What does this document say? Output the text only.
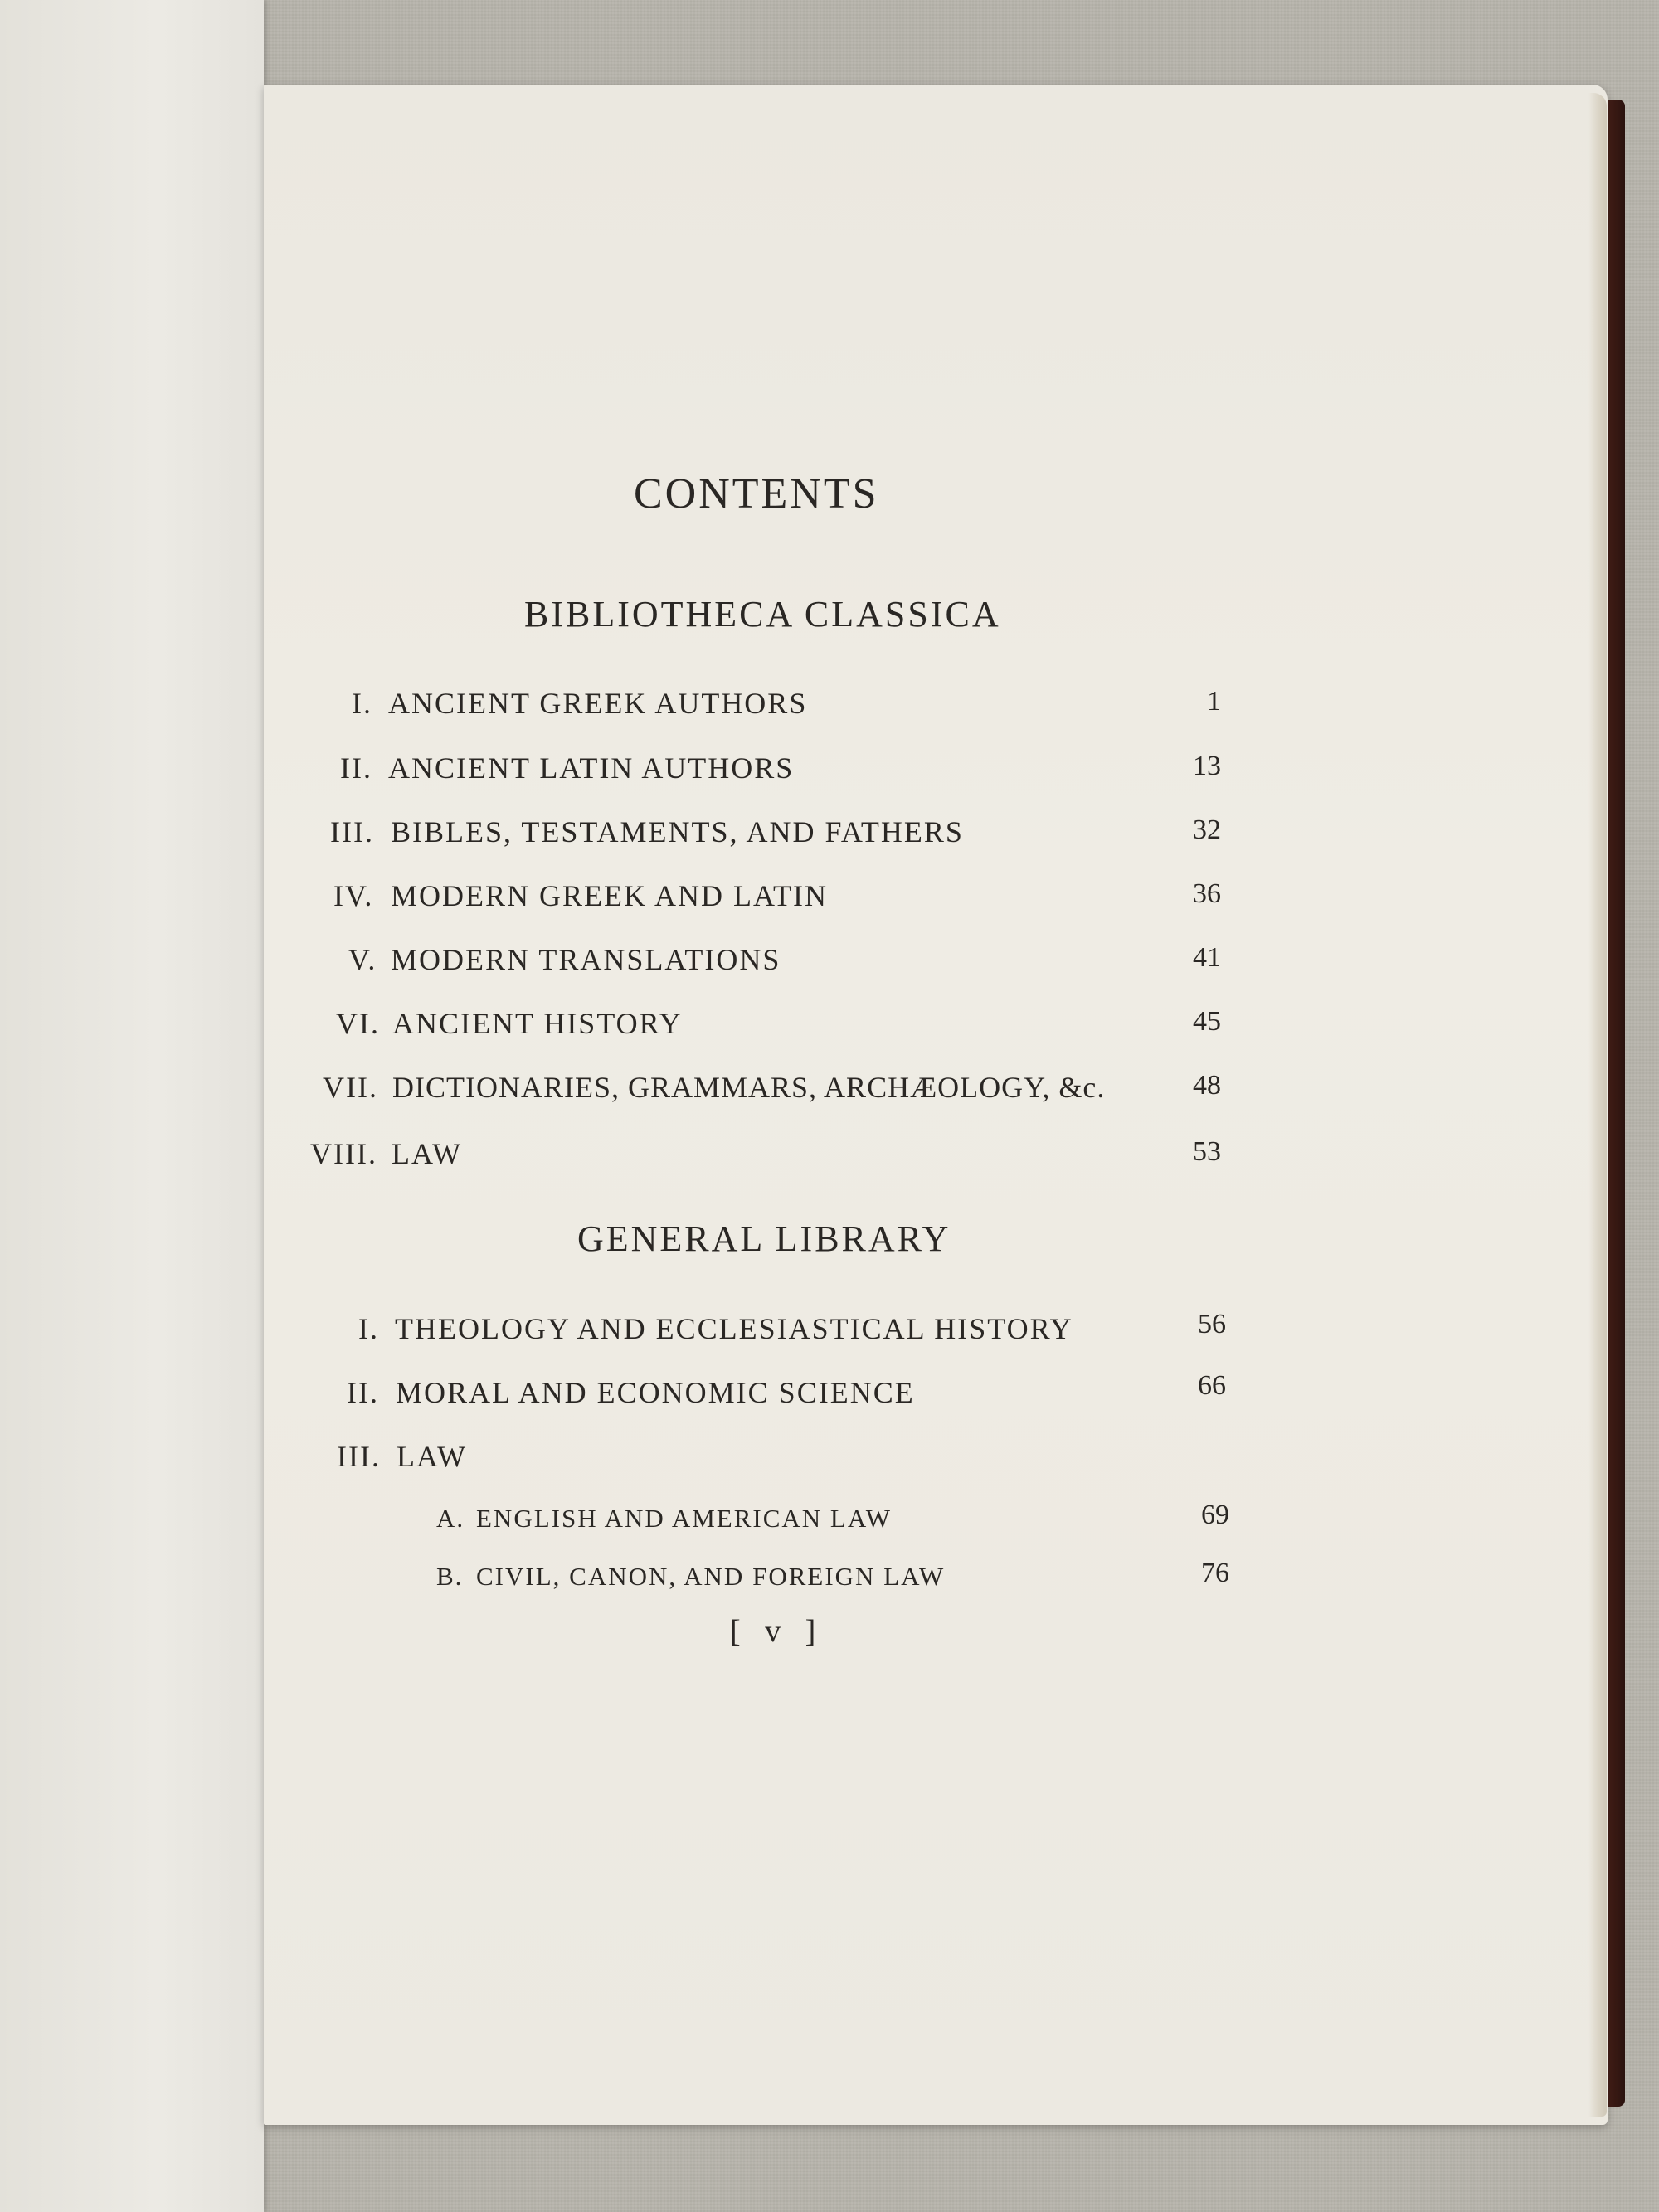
CONTENTS
BIBLIOTHECA CLASSICA
I. ANCIENT GREEK AUTHORS	1
II. ANCIENT LATIN AUTHORS	13
III. BIBLES, TESTAMENTS, AND FATHERS	32
IV. MODERN GREEK AND LATIN	36
V. MODERN TRANSLATIONS	41
VI. ANCIENT HISTORY	45
VII. DICTIONARIES, GRAMMARS, ARCHÆOLOGY, &c.	48
VIII. LAW	53
GENERAL LIBRARY
I. THEOLOGY AND ECCLESIASTICAL HISTORY	56
II. MORAL AND ECONOMIC SCIENCE	66
III. LAW
A. ENGLISH AND AMERICAN LAW	69
B. CIVIL, CANON, AND FOREIGN LAW	76
[ v ]
